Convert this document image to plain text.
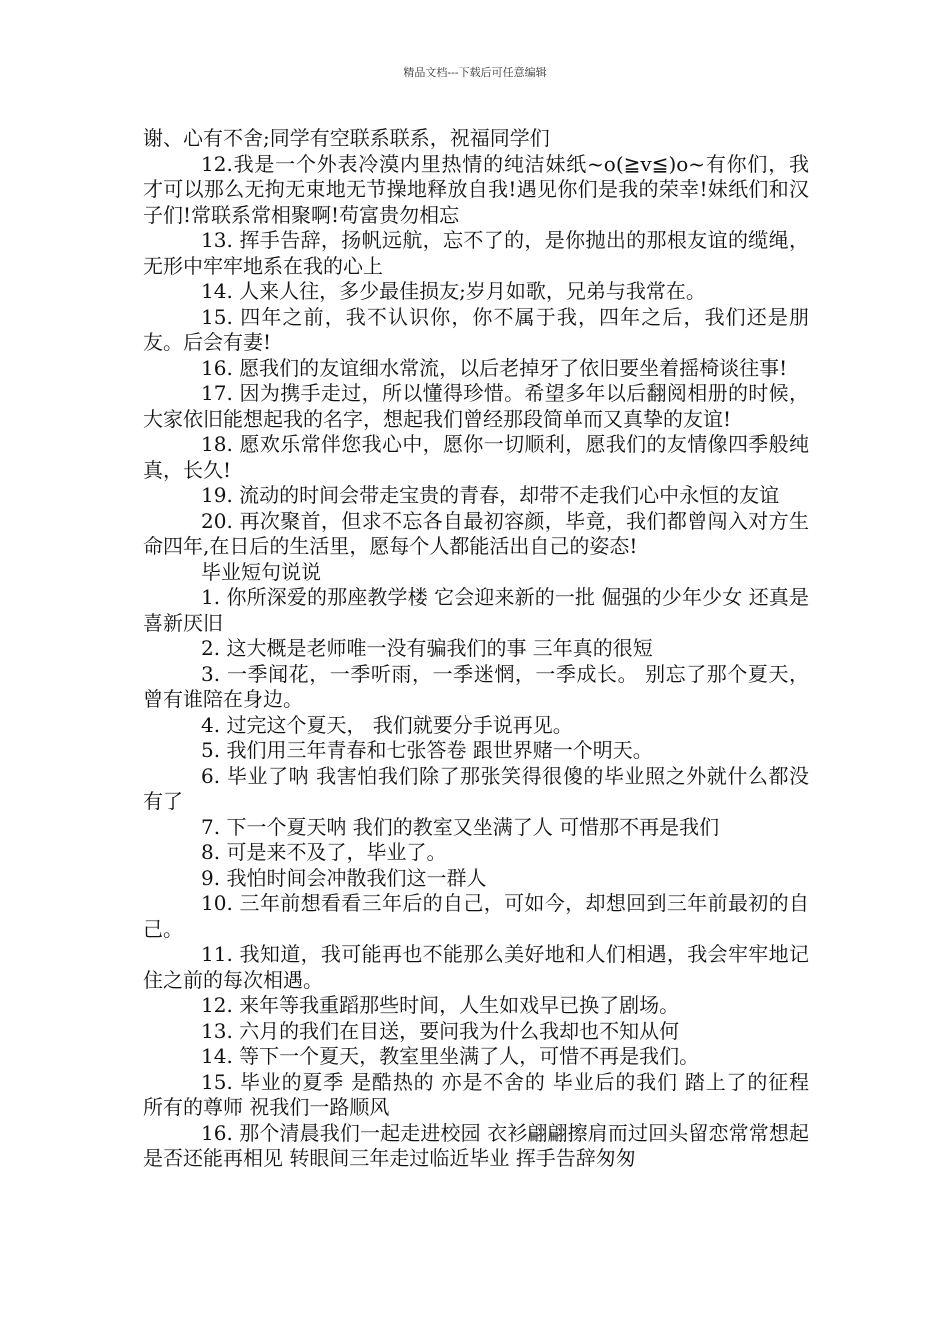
精品文档---下载后可任意编辑

谢、心有不舍;同学有空联系联系，祝福同学们

12.我是一个外表冷漠内里热情的纯洁妹纸~o(≧v≦)o~有你们，我才可以那么无拘无束地无节操地释放自我!遇见你们是我的荣幸!妹纸们和汉子们!常联系常相聚啊!苟富贵勿相忘

13. 挥手告辞，扬帆远航，忘不了的，是你抛出的那根友谊的缆绳，无形中牢牢地系在我的心上

14. 人来人往，多少最佳损友;岁月如歌，兄弟与我常在。

15. 四年之前，我不认识你，你不属于我，四年之后，我们还是朋友。后会有妻!

16. 愿我们的友谊细水常流，以后老掉牙了依旧要坐着摇椅谈往事!

17. 因为携手走过，所以懂得珍惜。希望多年以后翻阅相册的时候，大家依旧能想起我的名字，想起我们曾经那段简单而又真挚的友谊!

18. 愿欢乐常伴您我心中，愿你一切顺利，愿我们的友情像四季般纯真，长久!

19. 流动的时间会带走宝贵的青春，却带不走我们心中永恒的友谊

20. 再次聚首，但求不忘各自最初容颜，毕竟，我们都曾闯入对方生命四年,在日后的生活里，愿每个人都能活出自己的姿态!

毕业短句说说

1. 你所深爱的那座教学楼 它会迎来新的一批 倔强的少年少女 还真是 喜新厌旧

2. 这大概是老师唯一没有骗我们的事 三年真的很短

3. 一季闻花，一季听雨，一季迷惘，一季成长。 别忘了那个夏天，曾有谁陪在身边。

4. 过完这个夏天， 我们就要分手说再见。

5. 我们用三年青春和七张答卷 跟世界赌一个明天。

6. 毕业了呐 我害怕我们除了那张笑得很傻的毕业照之外就什么都没有了

7. 下一个夏天呐 我们的教室又坐满了人 可惜那不再是我们

8. 可是来不及了，毕业了。

9. 我怕时间会冲散我们这一群人

10. 三年前想看看三年后的自己，可如今，却想回到三年前最初的自己。

11. 我知道，我可能再也不能那么美好地和人们相遇，我会牢牢地记住之前的每次相遇。

12. 来年等我重蹈那些时间，人生如戏早已换了剧场。

13. 六月的我们在目送，要问我为什么我却也不知从何

14. 等下一个夏天，教室里坐满了人，可惜不再是我们。

15. 毕业的夏季 是酷热的 亦是不舍的 毕业后的我们 踏上了的征程 所有的尊师 祝我们一路顺风

16. 那个清晨我们一起走进校园 衣衫翩翩擦肩而过回头留恋常常想起是否还能再相见 转眼间三年走过临近毕业 挥手告辞匆匆
